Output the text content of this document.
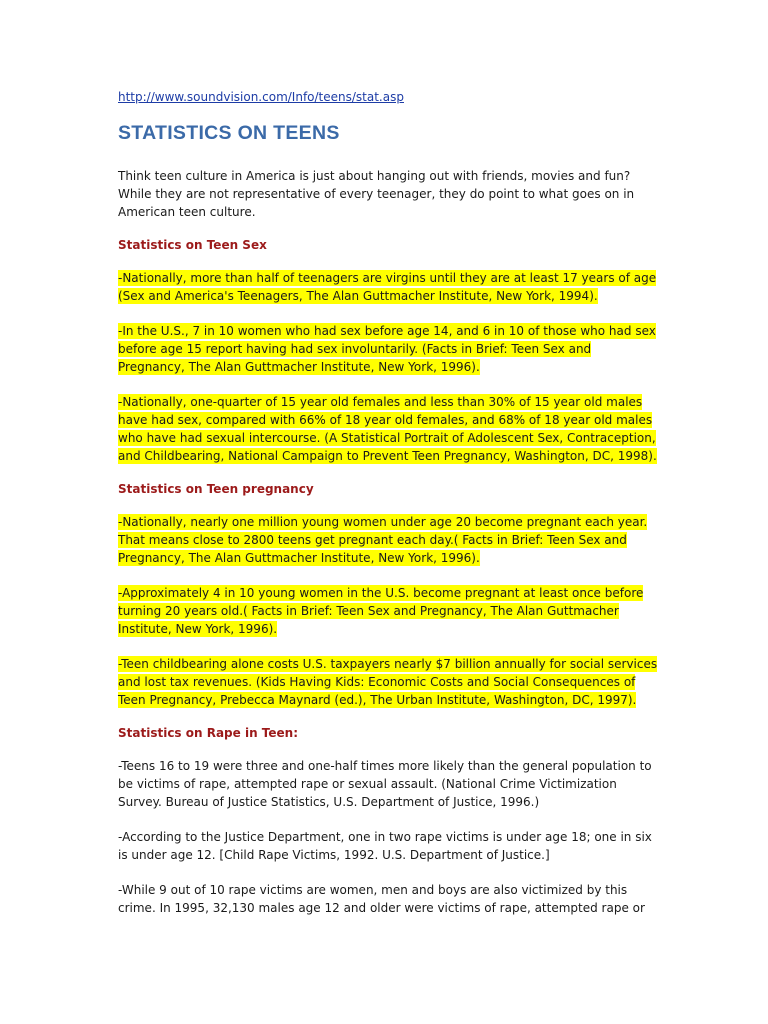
http://www.soundvision.com/Info/teens/stat.asp
STATISTICS ON TEENS
Think teen culture in America is just about hanging out with friends, movies and fun? While they are not representative of every teenager, they do point to what goes on in American teen culture.
Statistics on Teen Sex
-Nationally, more than half of teenagers are virgins until they are at least 17 years of age (Sex and America's Teenagers, The Alan Guttmacher Institute, New York, 1994).
-In the U.S., 7 in 10 women who had sex before age 14, and 6 in 10 of those who had sex before age 15 report having had sex involuntarily. (Facts in Brief: Teen Sex and Pregnancy, The Alan Guttmacher Institute, New York, 1996).
-Nationally, one-quarter of 15 year old females and less than 30% of 15 year old males have had sex, compared with 66% of 18 year old females, and 68% of 18 year old males who have had sexual intercourse. (A Statistical Portrait of Adolescent Sex, Contraception, and Childbearing, National Campaign to Prevent Teen Pregnancy, Washington, DC, 1998).
Statistics on Teen pregnancy
-Nationally, nearly one million young women under age 20 become pregnant each year. That means close to 2800 teens get pregnant each day.( Facts in Brief: Teen Sex and Pregnancy, The Alan Guttmacher Institute, New York, 1996).
-Approximately 4 in 10 young women in the U.S. become pregnant at least once before turning 20 years old.( Facts in Brief: Teen Sex and Pregnancy, The Alan Guttmacher Institute, New York, 1996).
-Teen childbearing alone costs U.S. taxpayers nearly $7 billion annually for social services and lost tax revenues. (Kids Having Kids: Economic Costs and Social Consequences of Teen Pregnancy, Prebecca Maynard (ed.), The Urban Institute, Washington, DC, 1997).
Statistics on Rape in Teen:
-Teens 16 to 19 were three and one-half times more likely than the general population to be victims of rape, attempted rape or sexual assault. (National Crime Victimization Survey. Bureau of Justice Statistics, U.S. Department of Justice, 1996.)
-According to the Justice Department, one in two rape victims is under age 18; one in six is under age 12. [Child Rape Victims, 1992. U.S. Department of Justice.]
-While 9 out of 10 rape victims are women, men and boys are also victimized by this crime. In 1995, 32,130 males age 12 and older were victims of rape, attempted rape or
